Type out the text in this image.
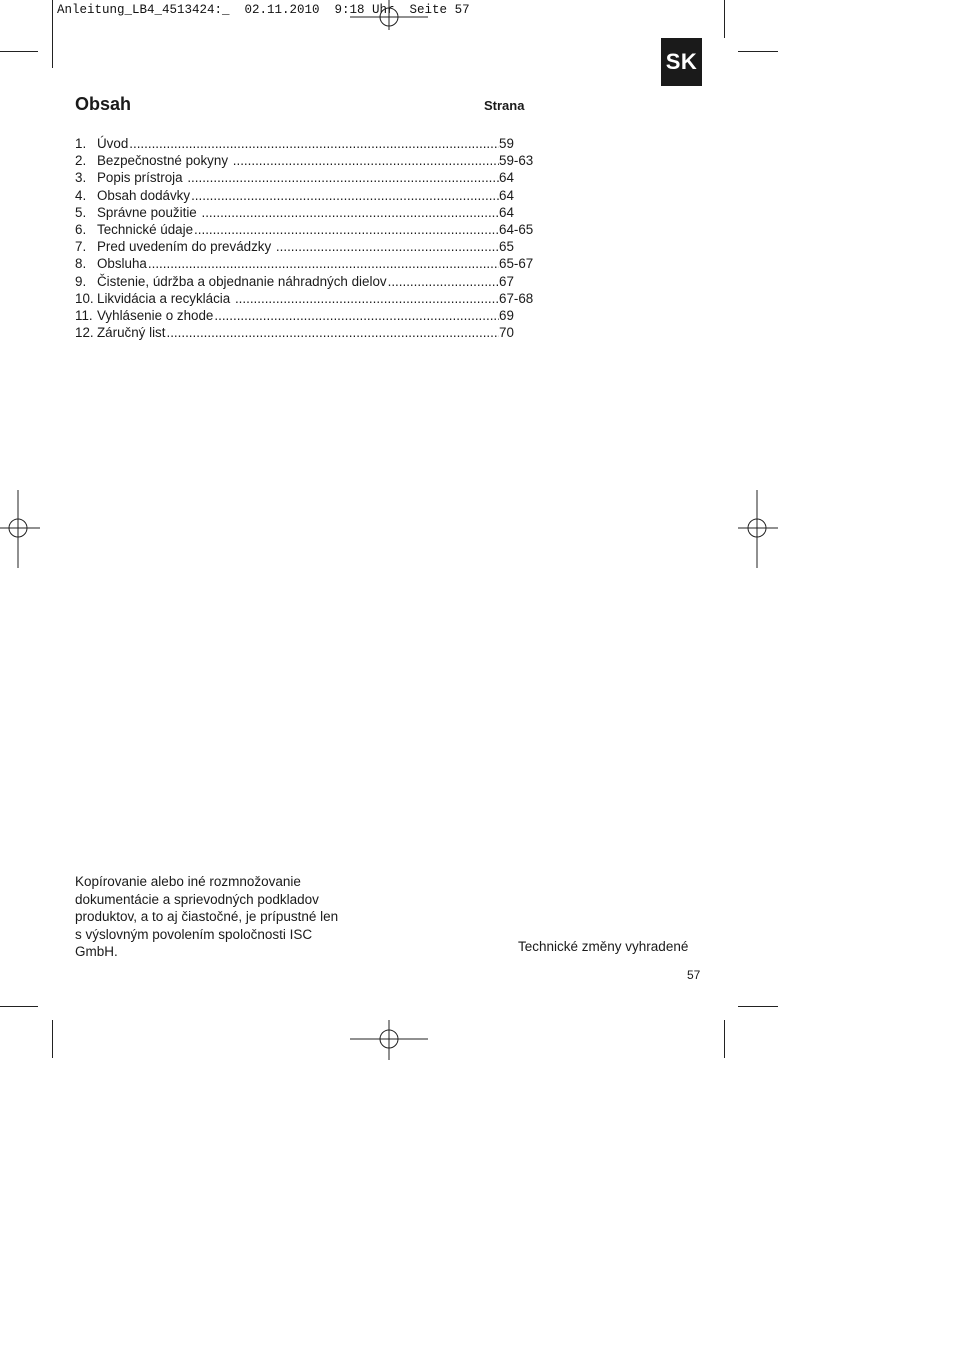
Anleitung_LB4_4513424:_  02.11.2010  9:18 Uhr  Seite 57
SK
Obsah	Strana
1. Úvod .....	59
2. Bezpečnostné pokyny .....	59-63
3. Popis prístroja .....	64
4. Obsah dodávky .....	64
5. Správne použitie .....	64
6. Technické údaje .....	64-65
7. Pred uvedením do prevádzky .....	65
8. Obsluha .....	65-67
9. Čistenie, údržba a objednanie náhradných dielov .....	67
10. Likvidácia a recyklácia .....	67-68
11. Vyhlásenie o zhode .....	69
12. Záručný list .....	70
Kopírovanie alebo iné rozmnožovanie
dokumentácie a sprievodných podkladov
produktov, a to aj čiastočné, je prípustné len
s výslovným povolením spoločnosti ISC
GmbH.	Technické změny vyhradené
57
